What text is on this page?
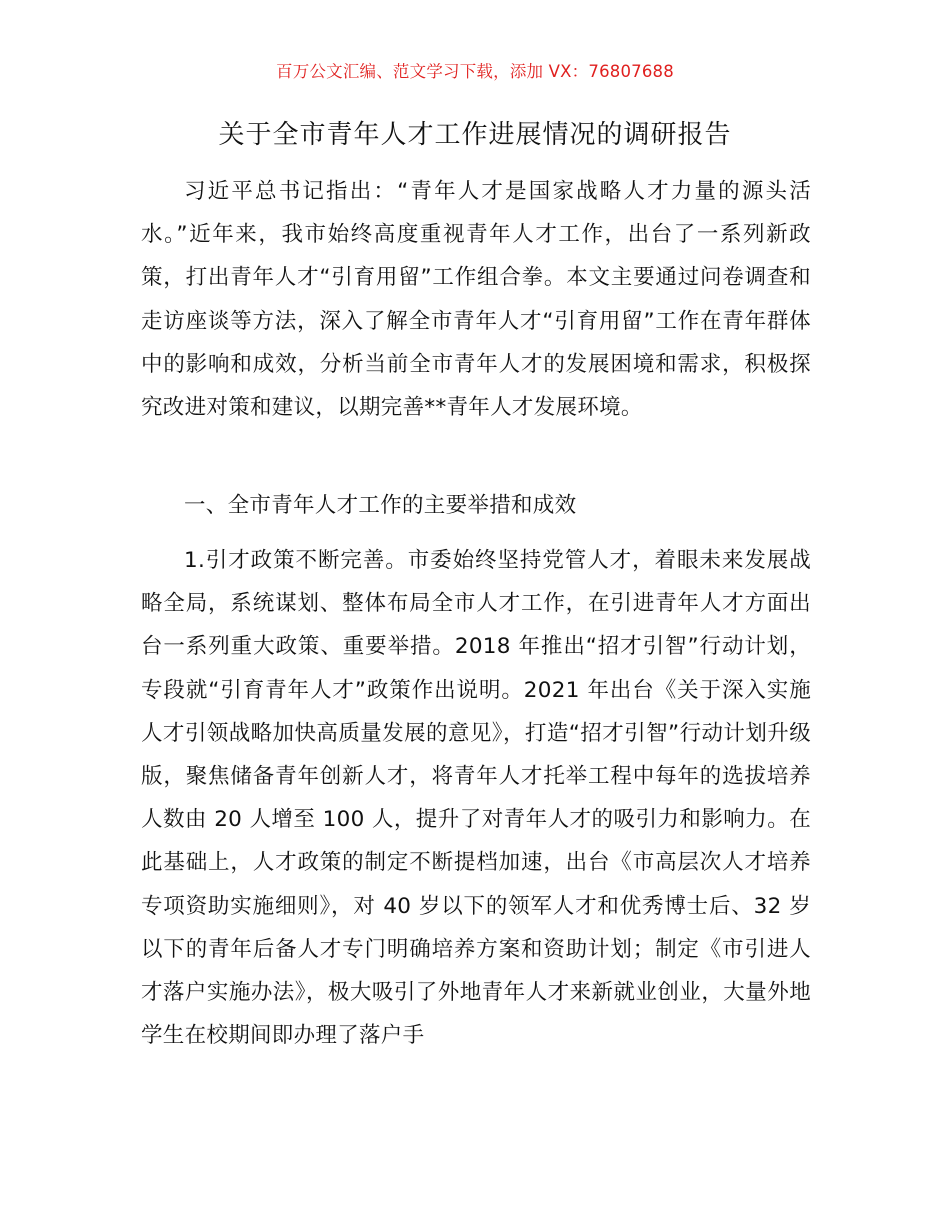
百万公文汇编、范文学习下载，添加 VX：76807688
关于全市青年人才工作进展情况的调研报告

习近平总书记指出：“青年人才是国家战略人才力量的源头活水。”近年来，我市始终高度重视青年人才工作，出台了一系列新政策，打出青年人才“引育用留”工作组合拳。本文主要通过问卷调查和走访座谈等方法，深入了解全市青年人才“引育用留”工作在青年群体中的影响和成效，分析当前全市青年人才的发展困境和需求，积极探究改进对策和建议，以期完善**青年人才发展环境。

一、全市青年人才工作的主要举措和成效

1.引才政策不断完善。市委始终坚持党管人才，着眼未来发展战略全局，系统谋划、整体布局全市人才工作，在引进青年人才方面出台一系列重大政策、重要举措。2018 年推出“招才引智”行动计划，专段就“引育青年人才”政策作出说明。2021 年出台《关于深入实施人才引领战略加快高质量发展的意见》，打造“招才引智”行动计划升级版，聚焦储备青年创新人才，将青年人才托举工程中每年的选拔培养人数由 20 人增至 100 人，提升了对青年人才的吸引力和影响力。在此基础上，人才政策的制定不断提档加速，出台《市高层次人才培养专项资助实施细则》，对 40 岁以下的领军人才和优秀博士后、32 岁以下的青年后备人才专门明确培养方案和资助计划；制定《市引进人才落户实施办法》，极大吸引了外地青年人才来新就业创业，大量外地学生在校期间即办理了落户手
